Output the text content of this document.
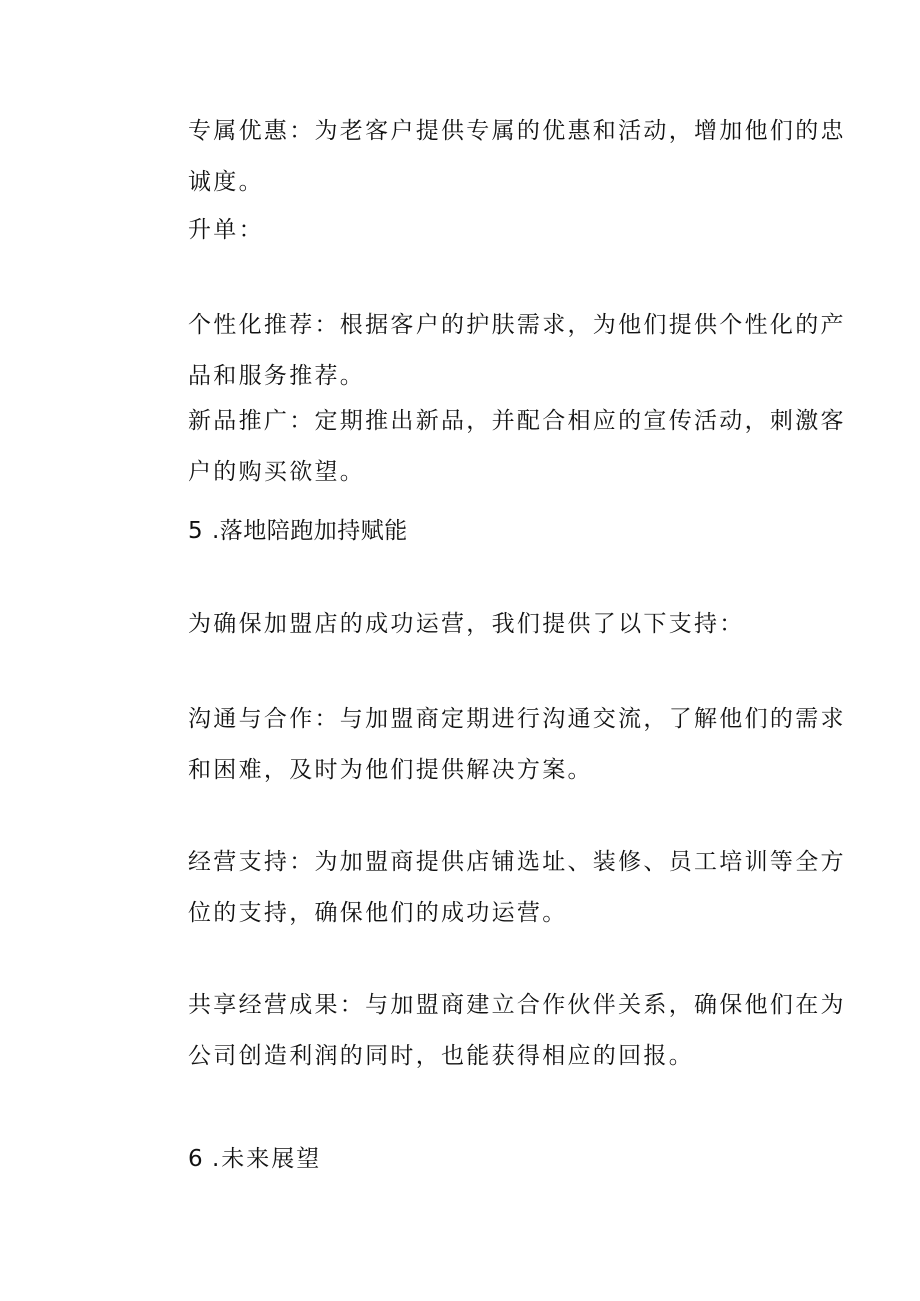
专属优惠：为老客户提供专属的优惠和活动，增加他们的忠
诚度。
升单：
个性化推荐：根据客户的护肤需求，为他们提供个性化的产
品和服务推荐。
新品推广：定期推出新品，并配合相应的宣传活动，刺激客
户的购买欲望。
5 .落地陪跑加持赋能
为确保加盟店的成功运营，我们提供了以下支持：
沟通与合作：与加盟商定期进行沟通交流，了解他们的需求
和困难，及时为他们提供解决方案。
经营支持：为加盟商提供店铺选址、装修、员工培训等全方
位的支持，确保他们的成功运营。
共享经营成果：与加盟商建立合作伙伴关系，确保他们在为
公司创造利润的同时，也能获得相应的回报。
6 .未来展望
